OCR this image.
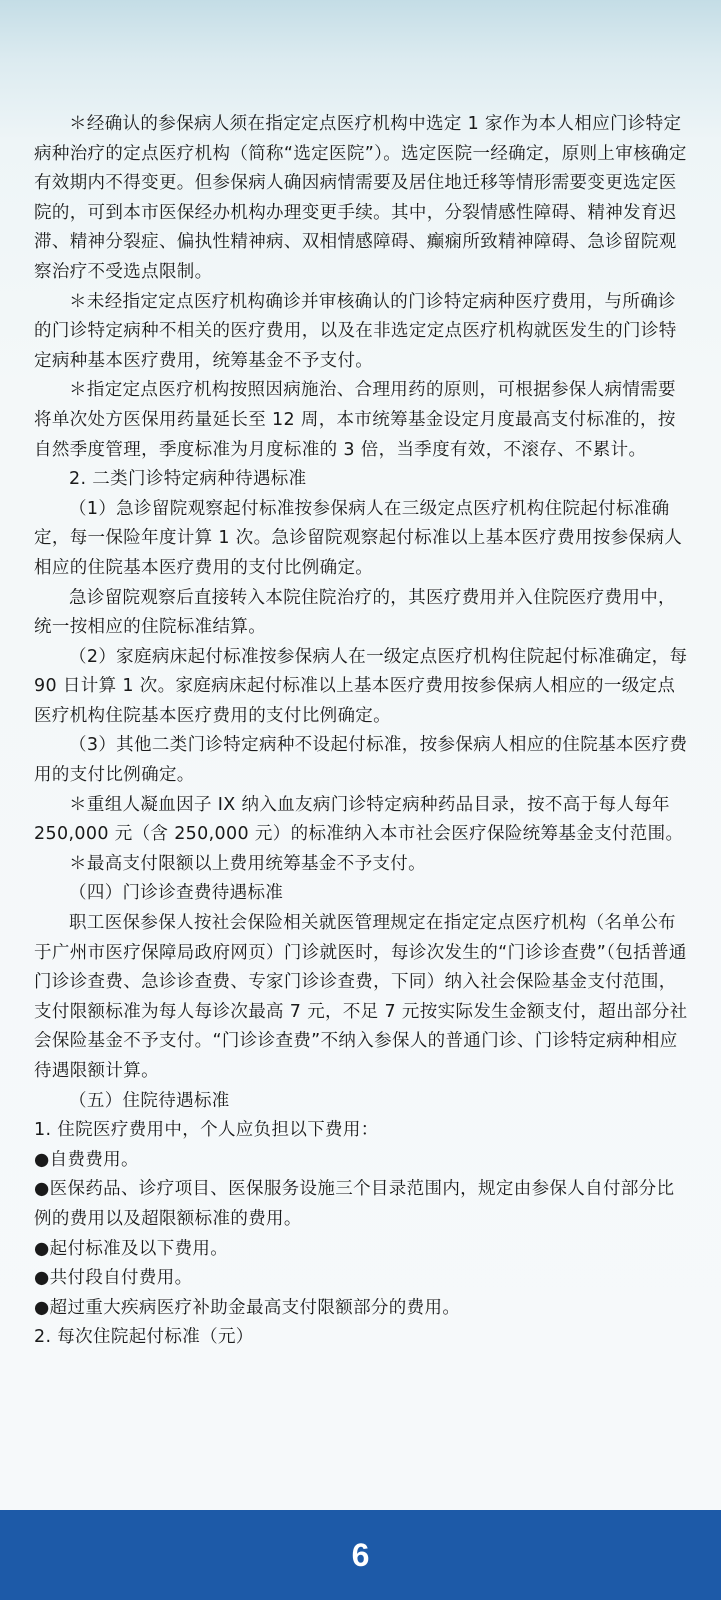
＊经确认的参保病人须在指定定点医疗机构中选定 1 家作为本人相应门诊特定病种治疗的定点医疗机构（简称“选定医院”）。选定医院一经确定，原则上审核确定有效期内不得变更。但参保病人确因病情需要及居住地迁移等情形需要变更选定医院的，可到本市医保经办机构办理变更手续。其中，分裂情感性障碍、精神发育迟滞、精神分裂症、偏执性精神病、双相情感障碍、癫痫所致精神障碍、急诊留院观察治疗不受选点限制。

＊未经指定定点医疗机构确诊并审核确认的门诊特定病种医疗费用，与所确诊的门诊特定病种不相关的医疗费用，以及在非选定定点医疗机构就医发生的门诊特定病种基本医疗费用，统筹基金不予支付。

＊指定定点医疗机构按照因病施治、合理用药的原则，可根据参保人病情需要将单次处方医保用药量延长至 12 周，本市统筹基金设定月度最高支付标准的，按自然季度管理，季度标准为月度标准的 3 倍，当季度有效，不滚存、不累计。

2. 二类门诊特定病种待遇标准

（1）急诊留院观察起付标准按参保病人在三级定点医疗机构住院起付标准确定，每一保险年度计算 1 次。急诊留院观察起付标准以上基本医疗费用按参保病人相应的住院基本医疗费用的支付比例确定。

急诊留院观察后直接转入本院住院治疗的，其医疗费用并入住院医疗费用中，统一按相应的住院标准结算。

（2）家庭病床起付标准按参保病人在一级定点医疗机构住院起付标准确定，每 90 日计算 1 次。家庭病床起付标准以上基本医疗费用按参保病人相应的一级定点医疗机构住院基本医疗费用的支付比例确定。

（3）其他二类门诊特定病种不设起付标准，按参保病人相应的住院基本医疗费用的支付比例确定。

＊重组人凝血因子 IX 纳入血友病门诊特定病种药品目录，按不高于每人每年 250,000 元（含 250,000 元）的标准纳入本市社会医疗保险统筹基金支付范围。

＊最高支付限额以上费用统筹基金不予支付。

（四）门诊诊查费待遇标准

职工医保参保人按社会保险相关就医管理规定在指定定点医疗机构（名单公布于广州市医疗保障局政府网页）门诊就医时，每诊次发生的“门诊诊查费”（包括普通门诊诊查费、急诊诊查费、专家门诊诊查费，下同）纳入社会保险基金支付范围，支付限额标准为每人每诊次最高 7 元，不足 7 元按实际发生金额支付，超出部分社会保险基金不予支付。“门诊诊查费”不纳入参保人的普通门诊、门诊特定病种相应待遇限额计算。

（五）住院待遇标准

1. 住院医疗费用中，个人应负担以下费用：

●自费费用。

●医保药品、诊疗项目、医保服务设施三个目录范围内，规定由参保人自付部分比例的费用以及超限额标准的费用。

●起付标准及以下费用。

●共付段自付费用。

●超过重大疾病医疗补助金最高支付限额部分的费用。

2. 每次住院起付标准（元）

6
